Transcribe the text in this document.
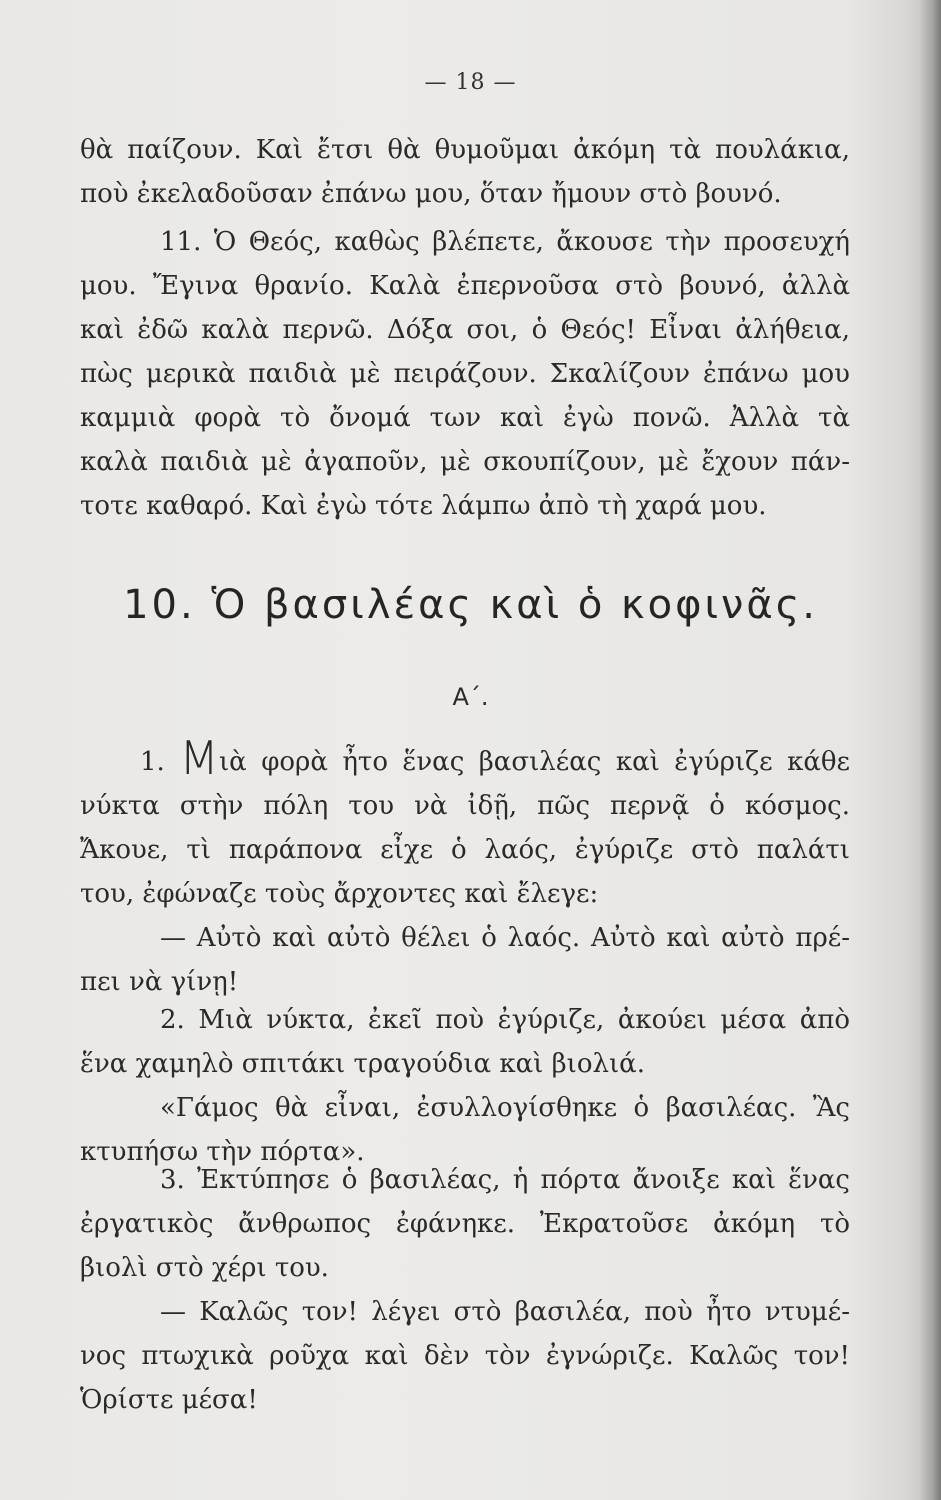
— 18 —
θὰ παίζουν. Καὶ ἔτσι θὰ θυμοῦμαι ἀκόμη τὰ πουλάκια,
ποὺ ἐκελαδοῦσαν ἐπάνω μου, ὅταν ἤμουν στὸ βουνό.
11. Ὁ Θεός, καθὼς βλέπετε, ἄκουσε τὴν προσευχή
μου. Ἔγινα θρανίο. Καλὰ ἐπερνοῦσα στὸ βουνό, ἀλλὰ
καὶ ἐδῶ καλὰ περνῶ. Δόξα σοι, ὁ Θεός! Εἶναι ἀλήθεια,
πὼς μερικὰ παιδιὰ μὲ πειράζουν. Σκαλίζουν ἐπάνω μου
καμμιὰ φορὰ τὸ ὄνομά των καὶ ἐγὼ πονῶ. Ἀλλὰ τὰ
καλὰ παιδιὰ μὲ ἀγαποῦν, μὲ σκουπίζουν, μὲ ἔχουν πάν-
τοτε καθαρό. Καὶ ἐγὼ τότε λάμπω ἀπὸ τὴ χαρά μου.
10. Ὁ βασιλέας καὶ ὁ κοφινᾶς.
Α΄.
1. Μιὰ φορὰ ἦτο ἕνας βασιλέας καὶ ἐγύριζε κάθε
νύκτα στὴν πόλη του νὰ ἰδῇ, πῶς περνᾷ ὁ κόσμος.
Ἄκουε, τὶ παράπονα εἶχε ὁ λαός, ἐγύριζε στὸ παλάτι
του, ἐφώναζε τοὺς ἄρχοντες καὶ ἔλεγε:
— Αὐτὸ καὶ αὐτὸ θέλει ὁ λαός. Αὐτὸ καὶ αὐτὸ πρέ-
πει νὰ γίνῃ!
2. Μιὰ νύκτα, ἐκεῖ ποὺ ἐγύριζε, ἀκούει μέσα ἀπὸ
ἕνα χαμηλὸ σπιτάκι τραγούδια καὶ βιολιά.
«Γάμος θὰ εἶναι, ἐσυλλογίσθηκε ὁ βασιλέας. Ἂς
κτυπήσω τὴν πόρτα».
3. Ἐκτύπησε ὁ βασιλέας, ἡ πόρτα ἄνοιξε καὶ ἕνας
ἐργατικὸς ἄνθρωπος ἐφάνηκε. Ἐκρατοῦσε ἀκόμη τὸ
βιολὶ στὸ χέρι του.
— Καλῶς τον! λέγει στὸ βασιλέα, ποὺ ἦτο ντυμέ-
νος πτωχικὰ ροῦχα καὶ δὲν τὸν ἐγνώριζε. Καλῶς τον!
Ὁρίστε μέσα!
